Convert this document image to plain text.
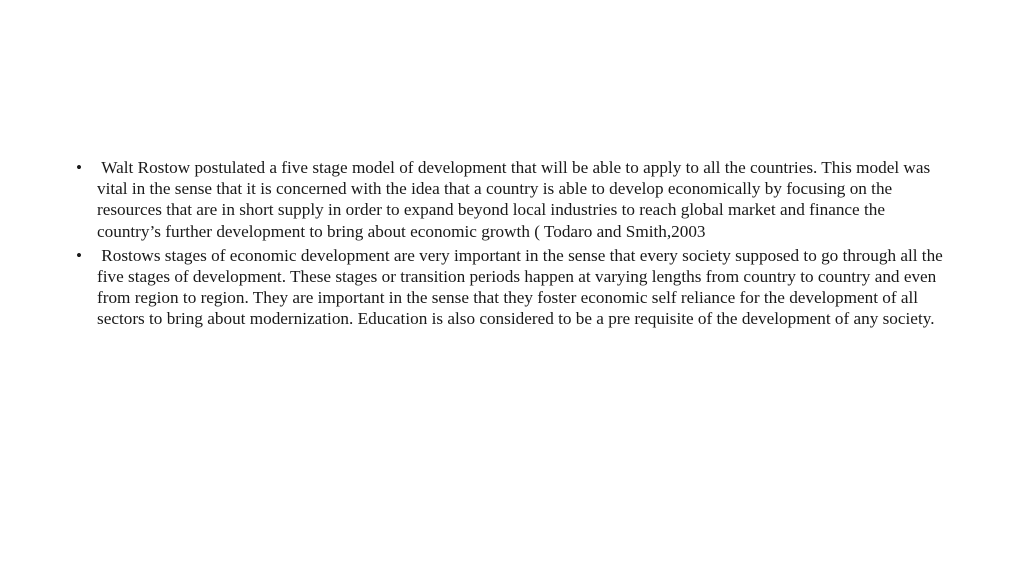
• Walt Rostow postulated a five stage model of development that will be able to apply to all the countries. This model was vital in the sense that it is concerned with the idea that a country is able to develop economically by focusing on the resources that are in short supply in order to expand beyond local industries to reach global market and finance the country’s further development to bring about economic growth ( Todaro and Smith,2003
• Rostows stages of economic development are very important in the sense that every society supposed to go through all the five stages of development. These stages or transition periods happen at varying lengths from country to country and even from region to region. They are important in the sense that they foster economic self reliance for the development of all sectors to bring about modernization. Education is also considered to be a pre requisite of the development of any society.
